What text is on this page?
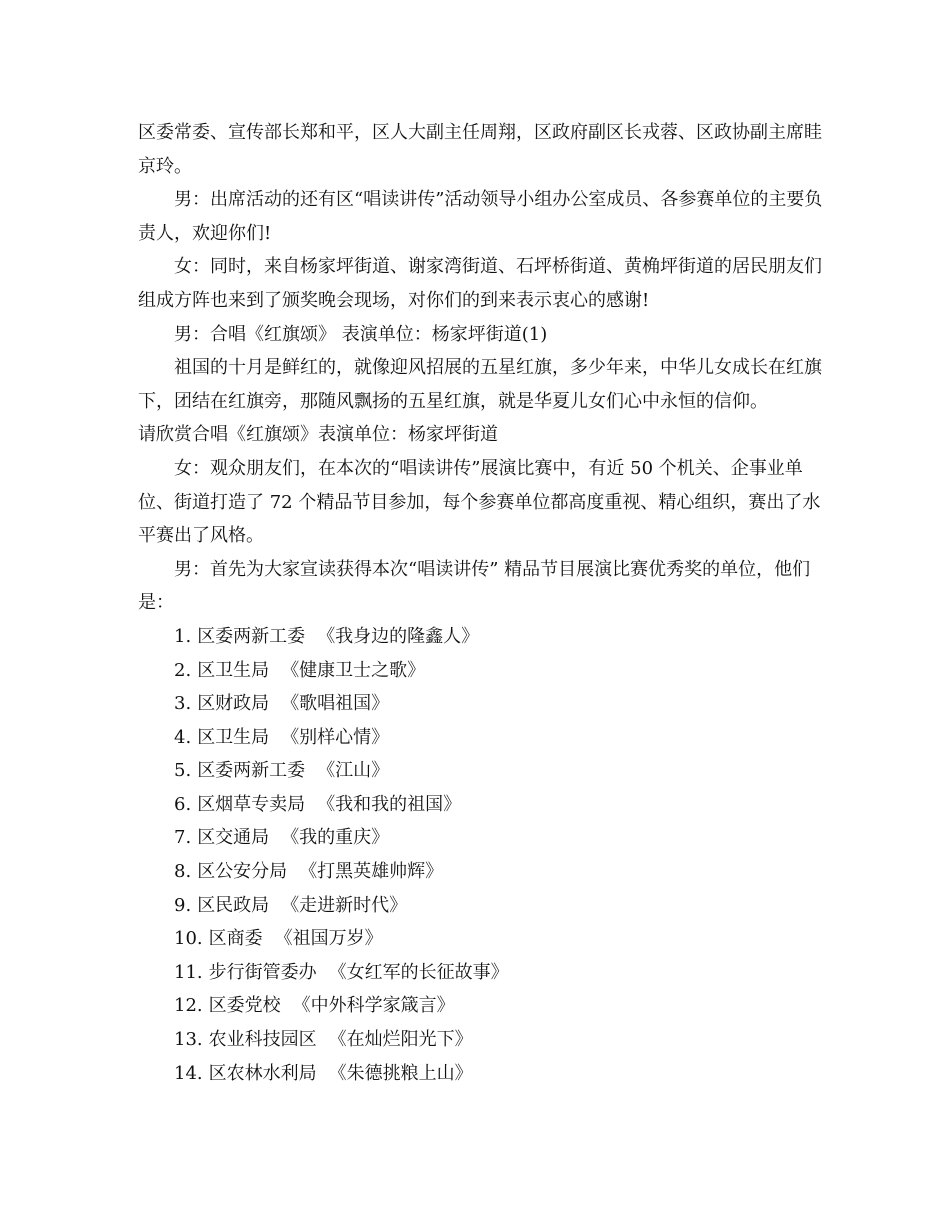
区委常委、宣传部长郑和平，区人大副主任周翔，区政府副区长戎蓉、区政协副主席眭京玲。

男：出席活动的还有区“唱读讲传”活动领导小组办公室成员、各参赛单位的主要负责人，欢迎你们!

女：同时，来自杨家坪街道、谢家湾街道、石坪桥街道、黄桷坪街道的居民朋友们组成方阵也来到了颁奖晚会现场，对你们的到来表示衷心的感谢!

男：合唱《红旗颂》 表演单位：杨家坪街道(1)

祖国的十月是鲜红的，就像迎风招展的五星红旗，多少年来，中华儿女成长在红旗下，团结在红旗旁，那随风飘扬的五星红旗，就是华夏儿女们心中永恒的信仰。

请欣赏合唱《红旗颂》表演单位：杨家坪街道

女：观众朋友们，在本次的“唱读讲传”展演比赛中，有近 50 个机关、企事业单位、街道打造了 72 个精品节目参加，每个参赛单位都高度重视、精心组织，赛出了水平赛出了风格。

男：首先为大家宣读获得本次“唱读讲传” 精品节目展演比赛优秀奖的单位，他们是：

1. 区委两新工委 《我身边的隆鑫人》
2. 区卫生局 《健康卫士之歌》
3. 区财政局 《歌唱祖国》
4. 区卫生局 《别样心情》
5. 区委两新工委 《江山》
6. 区烟草专卖局 《我和我的祖国》
7. 区交通局 《我的重庆》
8. 区公安分局 《打黑英雄帅辉》
9. 区民政局 《走进新时代》
10. 区商委 《祖国万岁》
11. 步行街管委办 《女红军的长征故事》
12. 区委党校 《中外科学家箴言》
13. 农业科技园区 《在灿烂阳光下》
14. 区农林水利局 《朱德挑粮上山》
